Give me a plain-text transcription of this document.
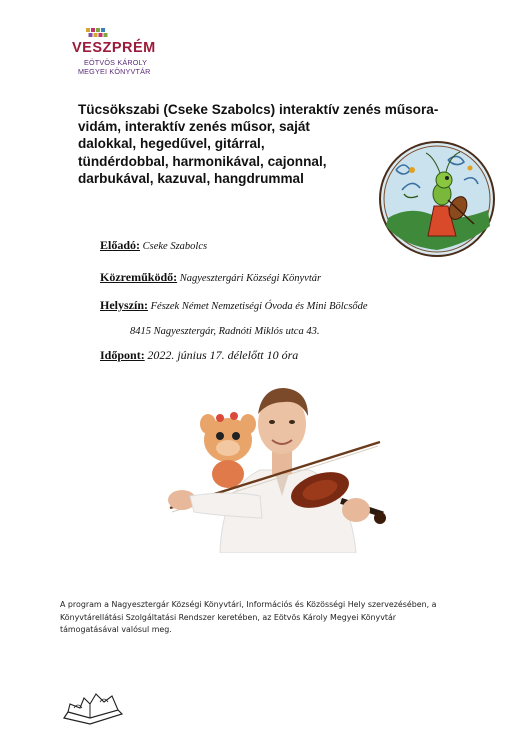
VESZPRÉM
EÖTVÖS KÁROLY
MEGYEI KÖNYVTÁR
Tücsökszabi (Cseke Szabolcs) interaktív zenés műsora-
vidám, interaktív zenés műsor, saját
dalokkal, hegedűvel, gitárral,
tündérdobbal, harmonikával, cajonnal,
darbukával, kazuval, hangdrummal
Előadó: Cseke Szabolcs
Közreműködő: Nagyesztergári Községi Könyvtár
Helyszín: Fészek Német Nemzetiségi Óvoda és Mini Bölcsőde
8415 Nagyesztergár, Radnóti Miklós utca 43.
Időpont: 2022. június 17. délelőtt 10 óra
A program a Nagyesztergár Községi Könyvtári, Információs és Közösségi Hely szervezésében, a
Könyvtárellátási Szolgáltatási Rendszer keretében, az Eötvös Károly Megyei Könyvtár
támogatásával valósul meg.
